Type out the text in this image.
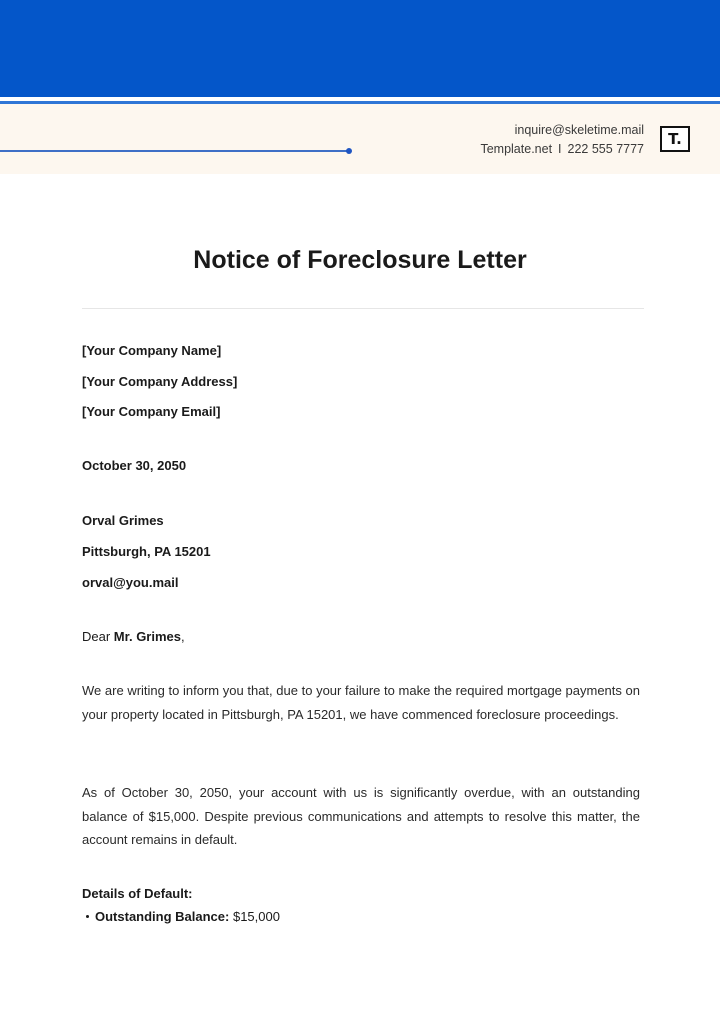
inquire@skeletime.mail
Template.net I 222 555 7777
T.
Notice of Foreclosure Letter
[Your Company Name]
[Your Company Address]
[Your Company Email]
October 30, 2050
Orval Grimes
Pittsburgh, PA 15201
orval@you.mail
Dear Mr. Grimes,

We are writing to inform you that, due to your failure to make the required mortgage payments on your property located in Pittsburgh, PA 15201, we have commenced foreclosure proceedings.

As of October 30, 2050, your account with us is significantly overdue, with an outstanding balance of $15,000. Despite previous communications and attempts to resolve this matter, the account remains in default.

Details of Default:
Outstanding Balance: $15,000
